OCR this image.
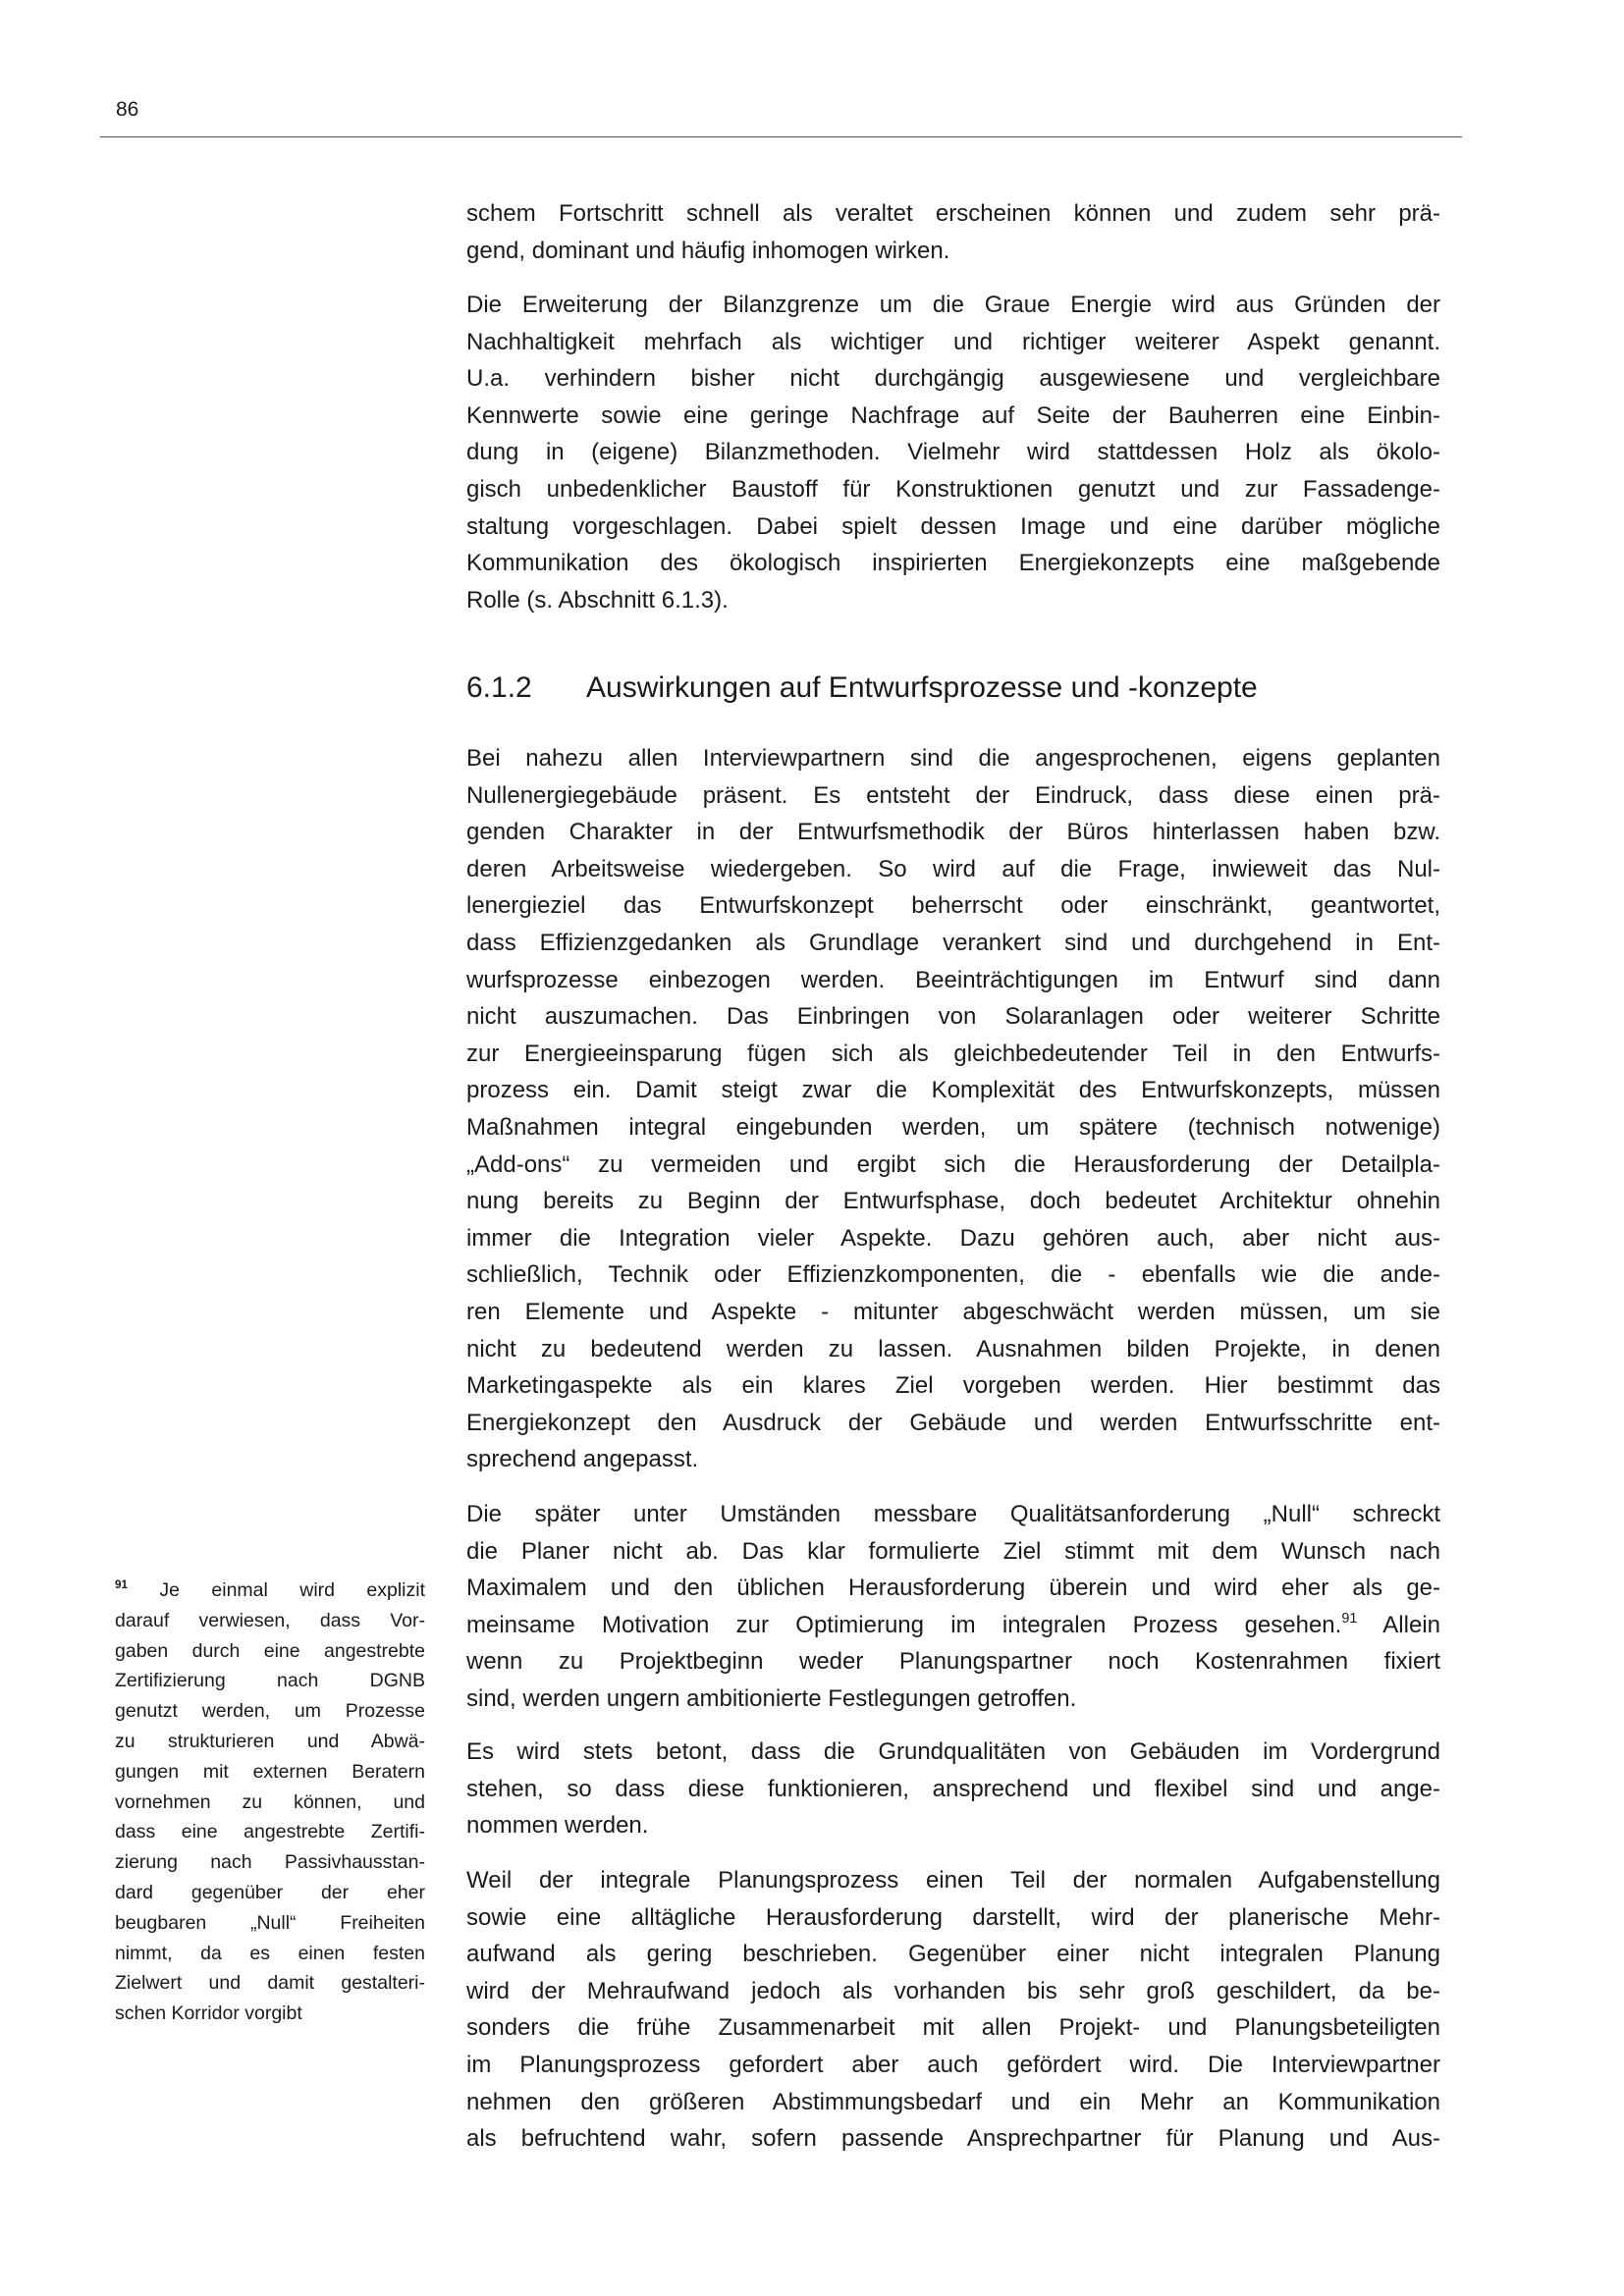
86
schem Fortschritt schnell als veraltet erscheinen können und zudem sehr prä-
gend, dominant und häufig inhomogen wirken.
Die Erweiterung der Bilanzgrenze um die Graue Energie wird aus Gründen der
Nachhaltigkeit mehrfach als wichtiger und richtiger weiterer Aspekt genannt.
U.a. verhindern bisher nicht durchgängig ausgewiesene und vergleichbare
Kennwerte sowie eine geringe Nachfrage auf Seite der Bauherren eine Einbin-
dung in (eigene) Bilanzmethoden. Vielmehr wird stattdessen Holz als ökolo-
gisch unbedenklicher Baustoff für Konstruktionen genutzt und zur Fassadenge-
staltung vorgeschlagen. Dabei spielt dessen Image und eine darüber mögliche
Kommunikation des ökologisch inspirierten Energiekonzepts eine maßgebende
Rolle (s. Abschnitt 6.1.3).
6.1.2 Auswirkungen auf Entwurfsprozesse und -konzepte
Bei nahezu allen Interviewpartnern sind die angesprochenen, eigens geplanten
Nullenergiegebäude präsent. Es entsteht der Eindruck, dass diese einen prä-
genden Charakter in der Entwurfsmethodik der Büros hinterlassen haben bzw.
deren Arbeitsweise wiedergeben. So wird auf die Frage, inwieweit das Nul-
lenergieziel das Entwurfskonzept beherrscht oder einschränkt, geantwortet,
dass Effizienzgedanken als Grundlage verankert sind und durchgehend in Ent-
wurfsprozesse einbezogen werden. Beeinträchtigungen im Entwurf sind dann
nicht auszumachen. Das Einbringen von Solaranlagen oder weiterer Schritte
zur Energieeinsparung fügen sich als gleichbedeutender Teil in den Entwurfs-
prozess ein. Damit steigt zwar die Komplexität des Entwurfskonzepts, müssen
Maßnahmen integral eingebunden werden, um spätere (technisch notwenige)
„Add-ons“ zu vermeiden und ergibt sich die Herausforderung der Detailpla-
nung bereits zu Beginn der Entwurfsphase, doch bedeutet Architektur ohnehin
immer die Integration vieler Aspekte. Dazu gehören auch, aber nicht aus-
schließlich, Technik oder Effizienzkomponenten, die - ebenfalls wie die ande-
ren Elemente und Aspekte - mitunter abgeschwächt werden müssen, um sie
nicht zu bedeutend werden zu lassen. Ausnahmen bilden Projekte, in denen
Marketingaspekte als ein klares Ziel vorgeben werden. Hier bestimmt das
Energiekonzept den Ausdruck der Gebäude und werden Entwurfsschritte ent-
sprechend angepasst.
Die später unter Umständen messbare Qualitätsanforderung „Null“ schreckt
die Planer nicht ab. Das klar formulierte Ziel stimmt mit dem Wunsch nach
Maximalem und den üblichen Herausforderung überein und wird eher als ge-
meinsame Motivation zur Optimierung im integralen Prozess gesehen.$^{91}$ Allein
wenn zu Projektbeginn weder Planungspartner noch Kostenrahmen fixiert
sind, werden ungern ambitionierte Festlegungen getroffen.
Es wird stets betont, dass die Grundqualitäten von Gebäuden im Vordergrund
stehen, so dass diese funktionieren, ansprechend und flexibel sind und ange-
nommen werden.
Weil der integrale Planungsprozess einen Teil der normalen Aufgabenstellung
sowie eine alltägliche Herausforderung darstellt, wird der planerische Mehr-
aufwand als gering beschrieben. Gegenüber einer nicht integralen Planung
wird der Mehraufwand jedoch als vorhanden bis sehr groß geschildert, da be-
sonders die frühe Zusammenarbeit mit allen Projekt- und Planungsbeteiligten
im Planungsprozess gefordert aber auch gefördert wird. Die Interviewpartner
nehmen den größeren Abstimmungsbedarf und ein Mehr an Kommunikation
als befruchtend wahr, sofern passende Ansprechpartner für Planung und Aus-
$^{91}$ Je einmal wird explizit
darauf verwiesen, dass Vor-
gaben durch eine angestrebte
Zertifizierung nach DGNB
genutzt werden, um Prozesse
zu strukturieren und Abwä-
gungen mit externen Beratern
vornehmen zu können, und
dass eine angestrebte Zertifi-
zierung nach Passivhausstan-
dard gegenüber der eher
beugbaren „Null“ Freiheiten
nimmt, da es einen festen
Zielwert und damit gestalteri-
schen Korridor vorgibt
